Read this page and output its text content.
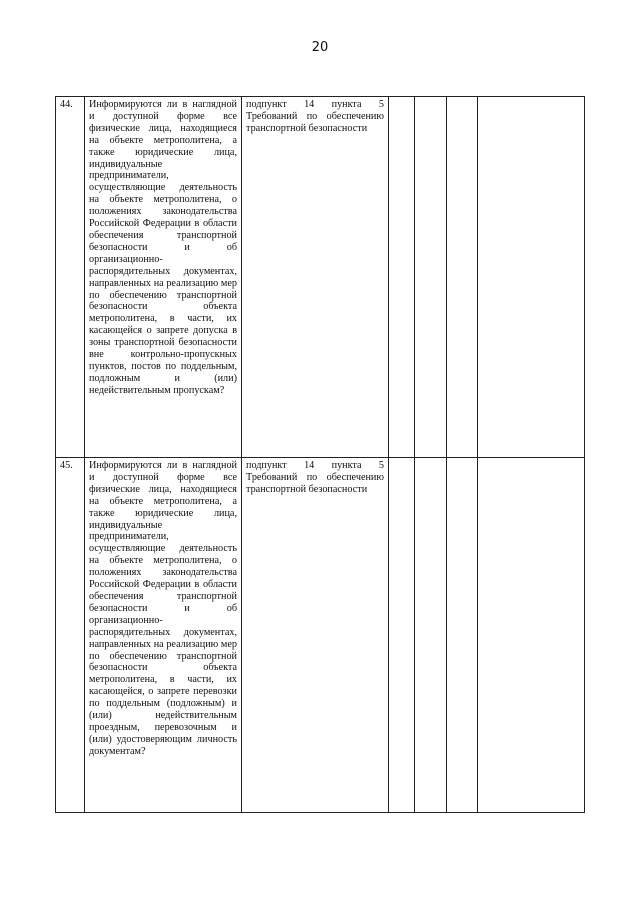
20
44.	Информируются ли в наглядной и доступной форме все физические лица, находящиеся на объекте метрополитена, а также юридические лица, индивидуальные предприниматели, осуществляющие деятельность на объекте метрополитена, о положениях законодательства Российской Федерации в области обеспечения транспортной безопасности и об организационно-распорядительных документах, направленных на реализацию мер по обеспечению транспортной безопасности объекта метрополитена, в части, их касающейся о запрете допуска в зоны транспортной безопасности вне контрольно-пропускных пунктов, постов по поддельным, подложным и (или) недействительным пропускам?	подпункт 14 пункта 5 Требований по обеспечению транспортной безопасности				
45.	Информируются ли в наглядной и доступной форме все физические лица, находящиеся на объекте метрополитена, а также юридические лица, индивидуальные предприниматели, осуществляющие деятельность на объекте метрополитена, о положениях законодательства Российской Федерации в области обеспечения транспортной безопасности и об организационно-распорядительных документах, направленных на реализацию мер по обеспечению транспортной безопасности объекта метрополитена, в части, их касающейся, о запрете перевозки по поддельным (подложным) и (или) недействительным проездным, перевозочным и (или) удостоверяющим личность документам?	подпункт 14 пункта 5 Требований по обеспечению транспортной безопасности				
